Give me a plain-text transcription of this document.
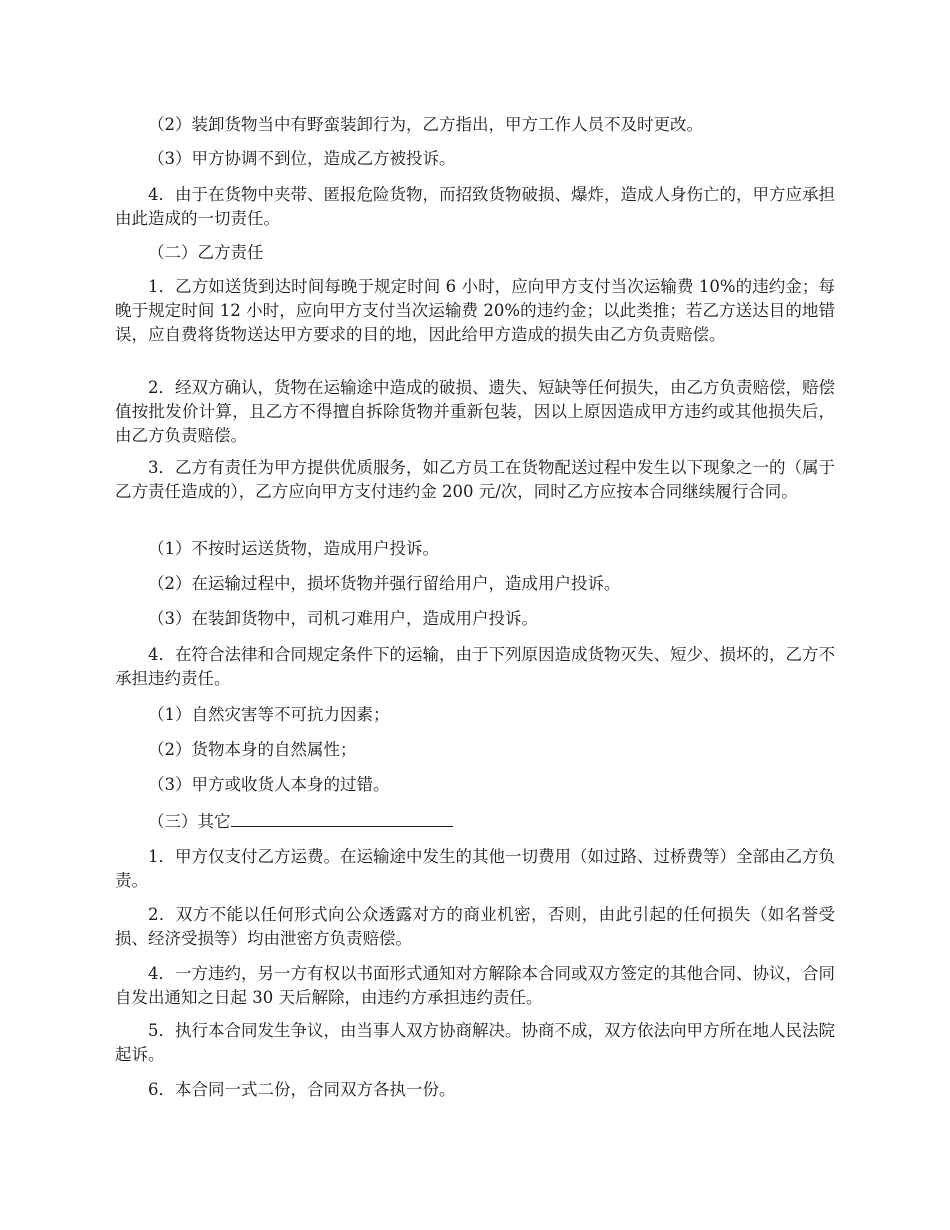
（2）装卸货物当中有野蛮装卸行为，乙方指出，甲方工作人员不及时更改。

（3）甲方协调不到位，造成乙方被投诉。

4．由于在货物中夹带、匿报危险货物，而招致货物破损、爆炸，造成人身伤亡的，甲方应承担由此造成的一切责任。

（二）乙方责任

1．乙方如送货到达时间每晚于规定时间 6 小时，应向甲方支付当次运输费 10%的违约金；每晚于规定时间 12 小时，应向甲方支付当次运输费 20%的违约金；以此类推；若乙方送达目的地错误，应自费将货物送达甲方要求的目的地，因此给甲方造成的损失由乙方负责赔偿。

2．经双方确认，货物在运输途中造成的破损、遗失、短缺等任何损失，由乙方负责赔偿，赔偿值按批发价计算，且乙方不得擅自拆除货物并重新包装，因以上原因造成甲方违约或其他损失后，由乙方负责赔偿。

3．乙方有责任为甲方提供优质服务，如乙方员工在货物配送过程中发生以下现象之一的（属于乙方责任造成的），乙方应向甲方支付违约金 200 元/次，同时乙方应按本合同继续履行合同。

（1）不按时运送货物，造成用户投诉。

（2）在运输过程中，损坏货物并强行留给用户，造成用户投诉。

（3）在装卸货物中，司机刁难用户，造成用户投诉。

4．在符合法律和合同规定条件下的运输，由于下列原因造成货物灭失、短少、损坏的，乙方不承担违约责任。

（1）自然灾害等不可抗力因素；

（2）货物本身的自然属性；

（3）甲方或收货人本身的过错。

（三）其它

1．甲方仅支付乙方运费。在运输途中发生的其他一切费用（如过路、过桥费等）全部由乙方负责。

2．双方不能以任何形式向公众透露对方的商业机密，否则，由此引起的任何损失（如名誉受损、经济受损等）均由泄密方负责赔偿。

4．一方违约，另一方有权以书面形式通知对方解除本合同或双方签定的其他合同、协议，合同自发出通知之日起 30 天后解除，由违约方承担违约责任。

5．执行本合同发生争议，由当事人双方协商解决。协商不成，双方依法向甲方所在地人民法院起诉。

6．本合同一式二份，合同双方各执一份。
